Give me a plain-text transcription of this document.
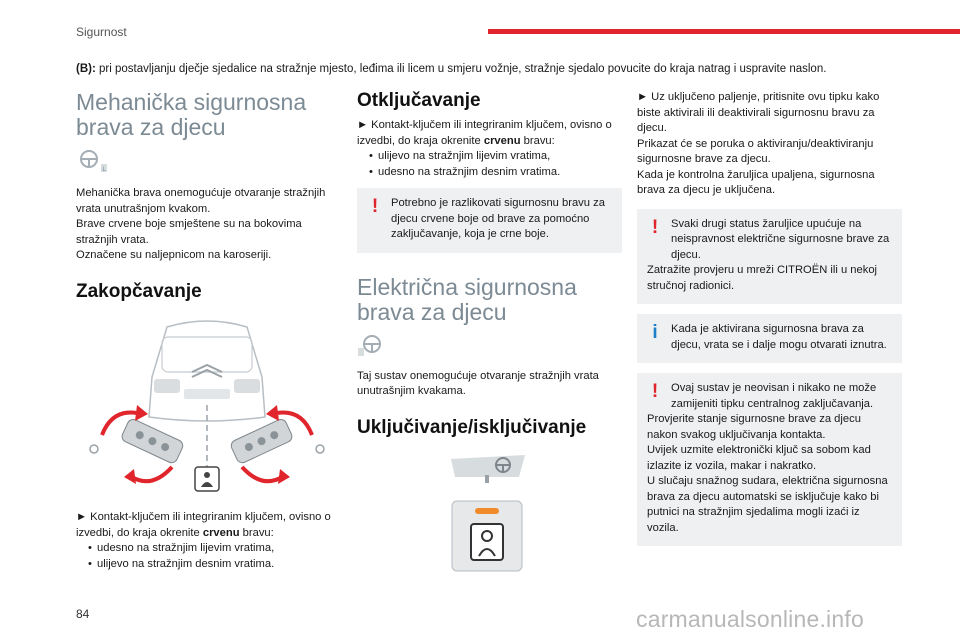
Sigurnost
(B): pri postavljanju dječje sjedalice na stražnje mjesto, leđima ili licem u smjeru vožnje, stražnje sjedalo povucite do kraja natrag i uspravite naslon.
Mehanička sigurnosna brava za djecu
L

Mehanička brava onemogućuje otvaranje stražnjih vrata unutrašnjom kvakom.

Brave crvene boje smještene su na bokovima stražnjih vrata.

Označene su naljepnicom na karoseriji.

Zakopčavanje

► Kontakt-ključem ili integriranim ključem, ovisno o izvedbi, do kraja okrenite crvenu bravu:

• udesno na stražnjim lijevim vratima,
• ulijevo na stražnjim desnim vratima.
Otključavanje

► Kontakt-ključem ili integriranim ključem, ovisno o izvedbi, do kraja okrenite crvenu bravu:

• ulijevo na stražnjim lijevim vratima,
• udesno na stražnjim desnim vratima.
!	Potrebno je razlikovati sigurnosnu bravu za djecu crvene boje od brave za pomoćno zaključavanje, koja je crne boje.
Električna sigurnosna brava za djecu

Taj sustav onemogućuje otvaranje stražnjih vrata unutrašnjim kvakama.

Uključivanje/isključivanje

► Uz uključeno paljenje, pritisnite ovu tipku kako biste aktivirali ili deaktivirali sigurnosnu bravu za djecu.

Prikazat će se poruka o aktiviranju/deaktiviranju sigurnosne brave za djecu.

Kada je kontrolna žaruljica upaljena, sigurnosna brava za djecu je uključena.

!	Svaki drugi status žaruljice upućuje na neispravnost električne sigurnosne brave za djecu.
Zatražite provjeru u mreži CITROËN ili u nekoj stručnoj radionici.
i	Kada je aktivirana sigurnosna brava za djecu, vrata se i dalje mogu otvarati iznutra.
!	Ovaj sustav je neovisan i nikako ne može zamijeniti tipku centralnog zaključavanja.
Provjerite stanje sigurnosne brave za djecu nakon svakog uključivanja kontakta.
Uvijek uzmite elektronički ključ sa sobom kad izlazite iz vozila, makar i nakratko.
U slučaju snažnog sudara, električna sigurnosna brava za djecu automatski se isključuje kako bi putnici na stražnjim sjedalima mogli izaći iz vozila.
84	carmanualsonline.info
